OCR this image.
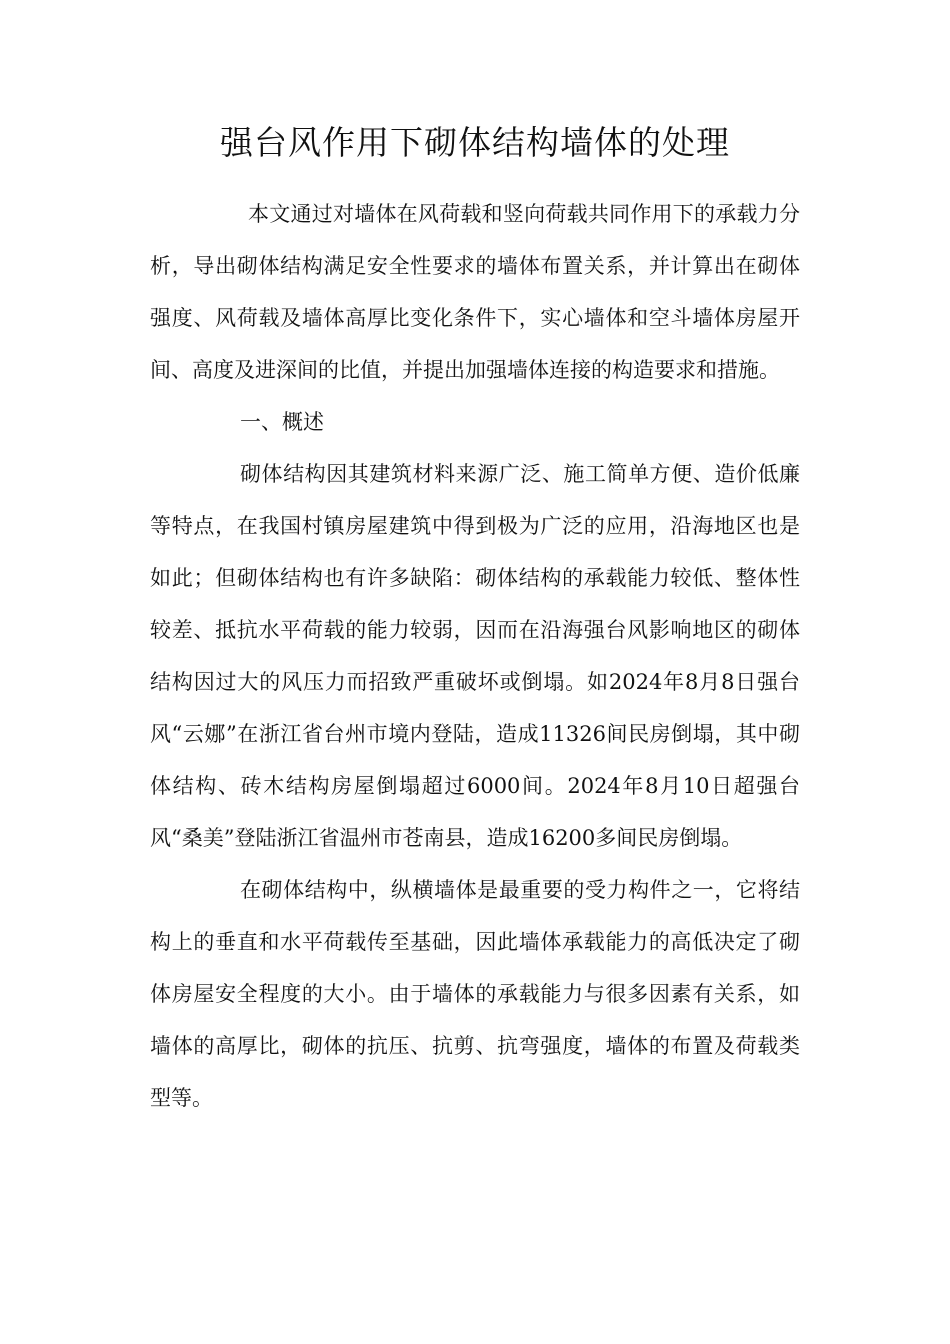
强台风作用下砌体结构墙体的处理

本文通过对墙体在风荷载和竖向荷载共同作用下的承载力分析，导出砌体结构满足安全性要求的墙体布置关系，并计算出在砌体强度、风荷载及墙体高厚比变化条件下，实心墙体和空斗墙体房屋开间、高度及进深间的比值，并提出加强墙体连接的构造要求和措施。

一、概述

砌体结构因其建筑材料来源广泛、施工简单方便、造价低廉等特点，在我国村镇房屋建筑中得到极为广泛的应用，沿海地区也是如此；但砌体结构也有许多缺陷：砌体结构的承载能力较低、整体性较差、抵抗水平荷载的能力较弱，因而在沿海强台风影响地区的砌体结构因过大的风压力而招致严重破坏或倒塌。如2024年8月8日强台风“云娜”在浙江省台州市境内登陆，造成11326间民房倒塌，其中砌体结构、砖木结构房屋倒塌超过6000间。2024年8月10日超强台风“桑美”登陆浙江省温州市苍南县，造成16200多间民房倒塌。

在砌体结构中，纵横墙体是最重要的受力构件之一，它将结构上的垂直和水平荷载传至基础，因此墙体承载能力的高低决定了砌体房屋安全程度的大小。由于墙体的承载能力与很多因素有关系，如墙体的高厚比，砌体的抗压、抗剪、抗弯强度，墙体的布置及荷载类型等。
